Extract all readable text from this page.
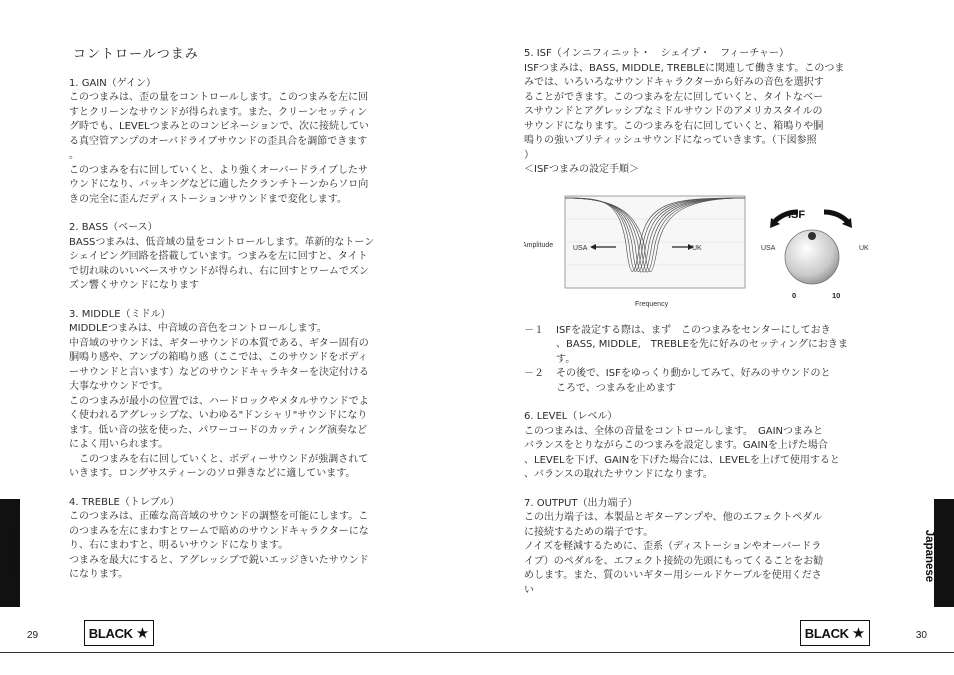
コントロールつまみ
1. GAIN（ゲイン）

このつまみは、歪の量をコントロールします。このつまみを左に回
すとクリーンなサウンドが得られます。また、クリーンセッティン
グ時でも、LEVELつまみとのコンビネーションで、次に接続してい
る真空管アンプのオーバドライブサウンドの歪具合を調節できます
。

このつまみを右に回していくと、より強くオーバードライブしたサ
ウンドになり、バッキングなどに適したクランチトーンからソロ向
きの完全に歪んだディストーションサウンドまで変化します。

2. BASS（ベース）

BASSつまみは、低音域の量をコントロールします。革新的なトーン
シェイピング回路を搭載しています。つまみを左に回すと、タイト
で切れ味のいいベースサウンドが得られ、右に回すとワームでズン
ズン響くサウンドになります

3. MIDDLE（ミドル）

MIDDLEつまみは、中音域の音色をコントロールします。
中音域のサウンドは、ギターサウンドの本質である、ギター固有の
胴鳴り感や、アンプの箱鳴り感（ここでは、このサウンドをボディ
ーサウンドと言います）などのサウンドキャラキターを決定付ける
大事なサウンドです。

このつまみが最小の位置では、ハードロックやメタルサウンドでよ
く使われるアグレッシブな、いわゆる"ドンシャリ"サウンドになり
ます。低い音の弦を使った、パワーコードのカッティング演奏など
によく用いられます。

　このつまみを右に回していくと、ボディーサウンドが強調されて
いきます。ロングサスティーンのソロ弾きなどに適しています。

4. TREBLE（トレブル）

このつまみは、正確な高音域のサウンドの調整を可能にします。こ
のつまみを左にまわすとワームで暗めのサウンドキャラクターにな
り、右にまわすと、明るいサウンドになります。

つまみを最大にすると、アグレッシブで鋭いエッジきいたサウンド
になります。

Japanese
29	BLACK ★
5. ISF（インニフィニット・　シェイプ・　フィーチャー）

ISFつまみは、BASS, MIDDLE, TREBLEに関連して働きます。このつま
みでは、いろいろなサウンドキャラクターから好みの音色を選択す
ることができます。このつまみを左に回していくと、タイトなベー
スサウンドとアグレッシブなミドルサウンドのアメリカスタイルの
サウンドになります。このつまみを右に回していくと、箱鳴りや胴
鳴りの強いブリティッシュサウンドになっていきます。（下図参照
）

＜ISFつまみの設定手順＞

Amplitude
Frequency
USA	UK
ISF
USA	UK
0	10
－１	ISFを設定する際は、まず　このつまみをセンターにしておき
、BASS, MIDDLE,　TREBLEを先に好みのセッティングにおきま
す。
－２	その後で、ISFをゆっくり動かしてみて、好みのサウンドのと
ころで、つまみを止めます
6. LEVEL（レベル）

このつまみは、全体の音量をコントロールします。　GAINつまみと
バランスをとりながらこのつまみを設定します。GAINを上げた場合
、LEVELを下げ、GAINを下げた場合には、LEVELを上げて使用すると
、バランスの取れたサウンドになります。

7. OUTPUT（出力端子）

この出力端子は、本製品とギターアンプや、他のエフェクトペダル
に接続するための端子です。

ノイズを軽減するために、歪系（ディストーションやオーバードラ
イブ）のペダルを、エフェクト接続の先頭にもってくることをお勧
めします。また、質のいいギター用シールドケーブルを使用くださ
い

Japanese
30
BLACK ★
